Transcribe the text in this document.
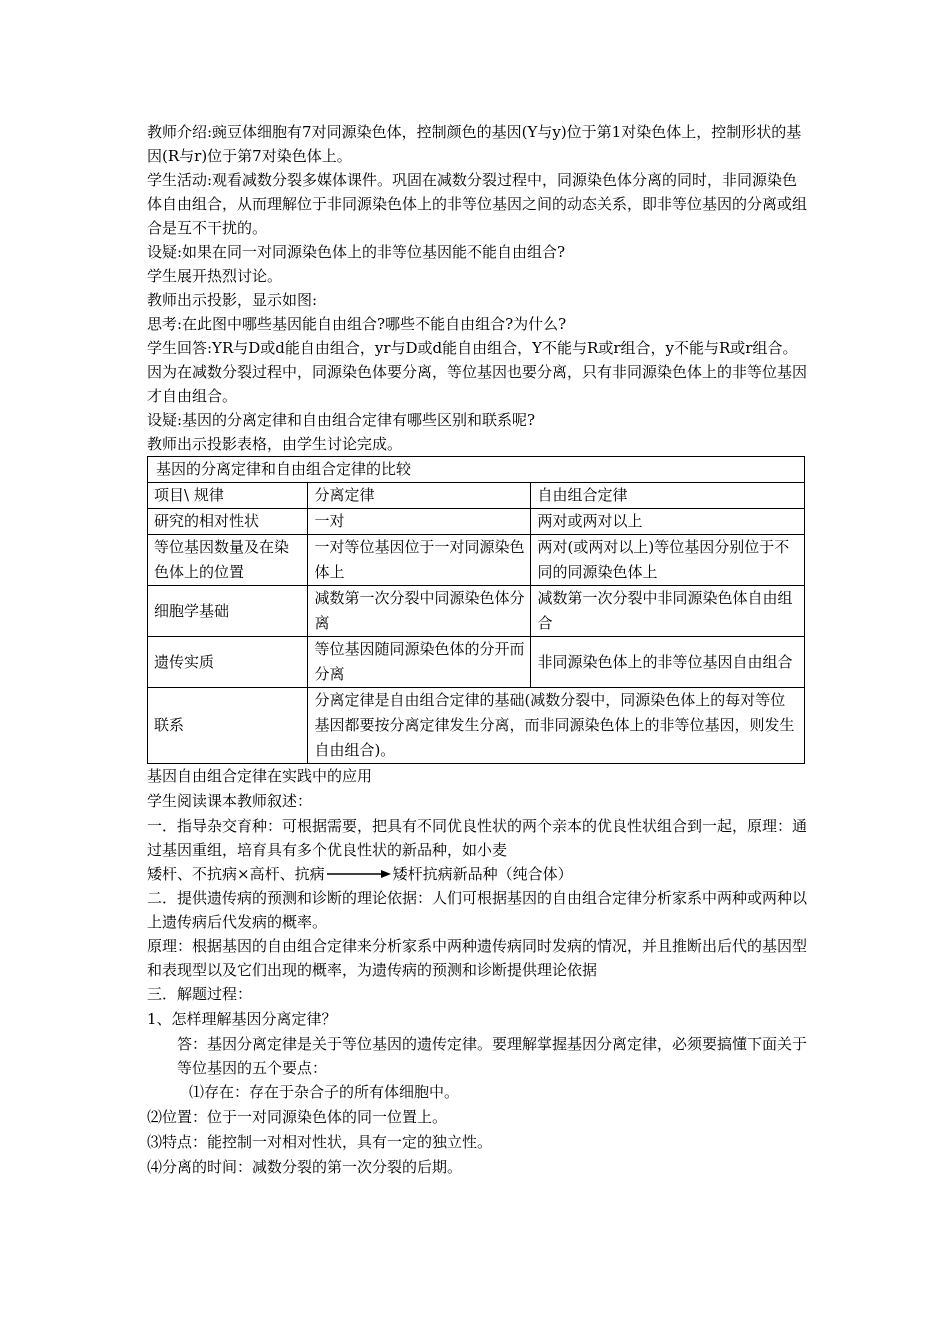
教师介绍:豌豆体细胞有7对同源染色体，控制颜色的基因(Y与y)位于第1对染色体上，控制形状的基因(R与r)位于第7对染色体上。

学生活动:观看减数分裂多媒体课件。巩固在减数分裂过程中，同源染色体分离的同时，非同源染色体自由组合，从而理解位于非同源染色体上的非等位基因之间的动态关系，即非等位基因的分离或组合是互不干扰的。

设疑:如果在同一对同源染色体上的非等位基因能不能自由组合?

学生展开热烈讨论。

教师出示投影，显示如图:

思考:在此图中哪些基因能自由组合?哪些不能自由组合?为什么?

学生回答:YR与D或d能自由组合，yr与D或d能自由组合，Y不能与R或r组合，y不能与R或r组合。因为在减数分裂过程中，同源染色体要分离，等位基因也要分离，只有非同源染色体上的非等位基因才自由组合。

设疑:基因的分离定律和自由组合定律有哪些区别和联系呢?

教师出示投影表格，由学生讨论完成。

基因的分离定律和自由组合定律的比较		
项目\ 规律	分离定律	自由组合定律
研究的相对性状	一对	两对或两对以上
等位基因数量及在染色体上的位置	一对等位基因位于一对同源染色体上	两对(或两对以上)等位基因分别位于不同的同源染色体上
细胞学基础	减数第一次分裂中同源染色体分离	减数第一次分裂中非同源染色体自由组合
遗传实质	等位基因随同源染色体的分开而分离	非同源染色体上的非等位基因自由组合
联系	分离定律是自由组合定律的基础(减数分裂中，同源染色体上的每对等位基因都要按分离定律发生分离，而非同源染色体上的非等位基因，则发生自由组合)。	

基因自由组合定律在实践中的应用

学生阅读课本教师叙述：

一．指导杂交育种：可根据需要，把具有不同优良性状的两个亲本的优良性状组合到一起，原理：通过基因重组，培育具有多个优良性状的新品种，如小麦

矮杆、不抗病×高杆、抗病	矮杆抗病新品种（纯合体）

二．提供遗传病的预测和诊断的理论依据：人们可根据基因的自由组合定律分析家系中两种或两种以上遗传病后代发病的概率。

原理：根据基因的自由组合定律来分析家系中两种遗传病同时发病的情况，并且推断出后代的基因型和表现型以及它们出现的概率，为遗传病的预测和诊断提供理论依据

三．解题过程：

1、怎样理解基因分离定律？

答：基因分离定律是关于等位基因的遗传定律。要理解掌握基因分离定律，必须要搞懂下面关于等位基因的五个要点：

⑴存在：存在于杂合子的所有体细胞中。

⑵位置：位于一对同源染色体的同一位置上。

⑶特点：能控制一对相对性状，具有一定的独立性。

⑷分离的时间：减数分裂的第一次分裂的后期。
